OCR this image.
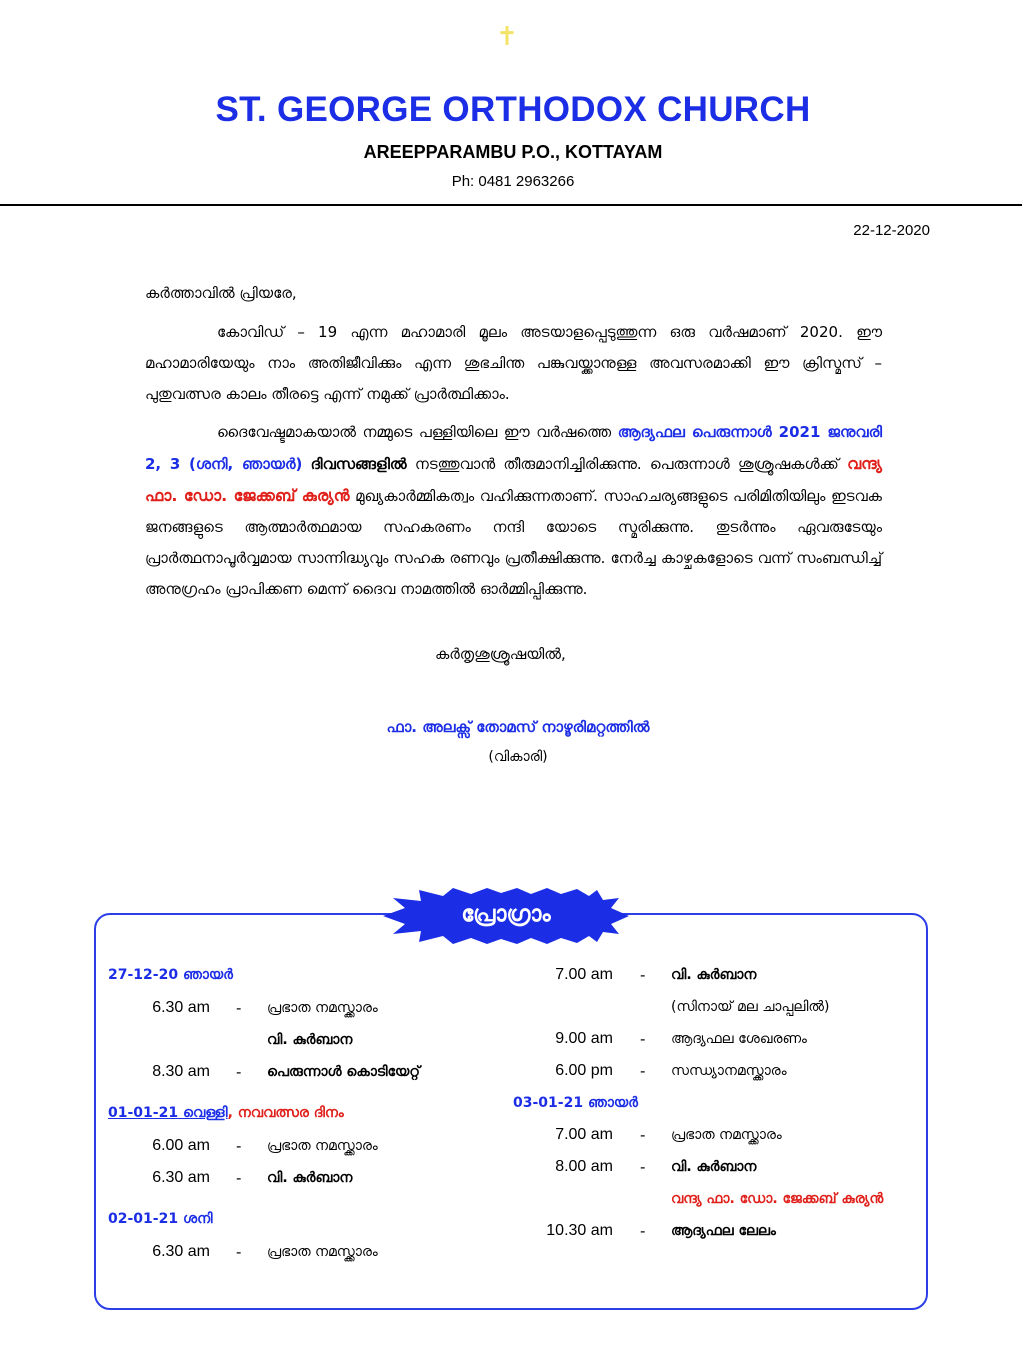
✝
ST. GEORGE ORTHODOX CHURCH
AREEPPARAMBU P.O., KOTTAYAM
Ph: 0481 2963266
22-12-2020
കർത്താവിൽ പ്രിയരേ,

കോവിഡ് – 19 എന്ന മഹാമാരി മൂലം അടയാളപ്പെടുത്തുന്ന ഒരു വർഷമാണ് 2020. ഈ മഹാമാരിയേയും നാം അതിജീവിക്കും എന്ന ശുഭചിന്ത പങ്കുവയ്ക്കാനുള്ള അവസരമാക്കി ഈ ക്രിസ്മസ് – പുതുവത്സര കാലം തീരട്ടെ എന്ന് നമുക്ക് പ്രാർത്ഥിക്കാം.

ദൈവേഷ്ടമാകയാൽ നമ്മുടെ പള്ളിയിലെ ഈ വർഷത്തെ ആദ്യഫല പെരുന്നാൾ 2021 ജനുവരി 2, 3 (ശനി, ഞായർ) ദിവസങ്ങളിൽ നടത്തുവാൻ തീരുമാനിച്ചിരിക്കുന്നു. പെരുന്നാൾ ശുശ്രൂഷകൾക്ക് വന്ദ്യ ഫാ. ഡോ. ജേക്കബ് കുര്യൻ മുഖ്യകാർമ്മികത്വം വഹിക്കുന്നതാണ്. സാഹചര്യങ്ങളുടെ പരിമിതിയിലും ഇടവക ജനങ്ങളുടെ ആത്മാർത്ഥമായ സഹകരണം നന്ദി യോടെ സ്മരിക്കുന്നു. തുടർന്നും ഏവരുടേയും പ്രാർത്ഥനാപൂർവ്വമായ സാന്നിദ്ധ്യവും സഹക രണവും പ്രതീക്ഷിക്കുന്നു. നേർച്ച കാഴ്ചകളോടെ വന്ന് സംബന്ധിച്ച് അനുഗ്രഹം പ്രാപിക്കണ മെന്ന് ദൈവ നാമത്തിൽ ഓർമ്മിപ്പിക്കുന്നു.

കർതൃശുശ്രൂഷയിൽ,
ഫാ. അലക്സ് തോമസ് നാഴൂരിമറ്റത്തിൽ
(വികാരി)
പ്രോഗ്രാം
27-12-20 ഞായർ
6.30 am - പ്രഭാത നമസ്ക്കാരം
വി. കുർബാന
8.30 am - പെരുന്നാൾ കൊടിയേറ്റ്
01-01-21 വെള്ളി, നവവത്സര ദിനം
6.00 am - പ്രഭാത നമസ്ക്കാരം
6.30 am - വി. കുർബാന
02-01-21 ശനി
6.30 am - പ്രഭാത നമസ്ക്കാരം
7.00 am - വി. കുർബാന
(സിനായ് മല ചാപ്പലിൽ)
9.00 am - ആദ്യഫല ശേഖരണം
6.00 pm - സന്ധ്യാനമസ്ക്കാരം
03-01-21 ഞായർ
7.00 am - പ്രഭാത നമസ്ക്കാരം
8.00 am - വി. കുർബാന
വന്ദ്യ ഫാ. ഡോ. ജേക്കബ് കുര്യൻ
10.30 am - ആദ്യഫല ലേലം
